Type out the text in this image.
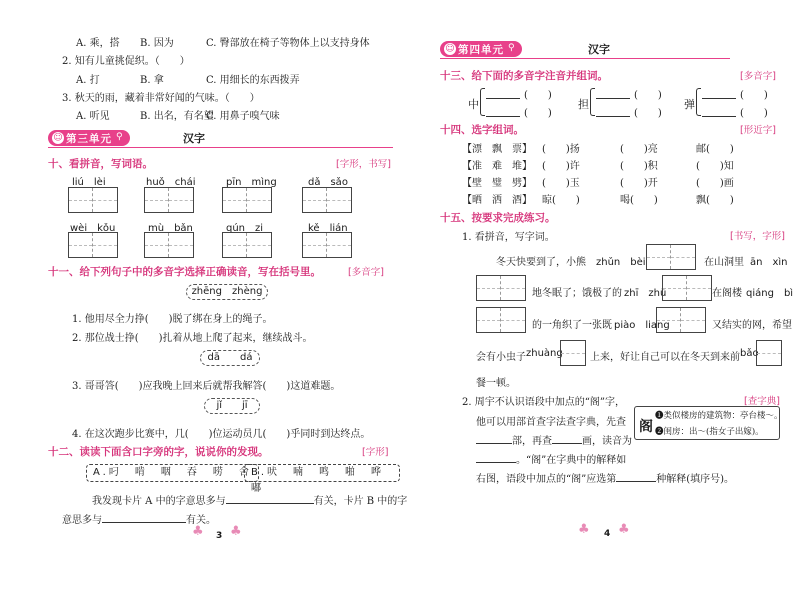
A. 乘，搭 B. 因为	C. 臀部放在椅子等物体上以支持身体
2. 知有儿童挑促织。（　　）
A. 打	B. 拿	C. 用细长的东西拨弄
3. 秋天的雨，藏着非常好闻的气味。（　　）
A. 听见	B. 出名，有名望
C. 用鼻子嗅气味
☺ 第三单元 ⚲	汉字
十、看拼音，写词语。	[字形，书写]
liú　lèi	huǒ　chái	pīn　mìng	dǎ　sǎo
wèi　kǒu	mù　bǎn	qún　zi	kě　lián
十一、给下列句子中的多音字选择正确读音，写在括号里。	[多音字]
zhēng　zhèng
1. 他用尽全力挣(　　)脱了绑在身上的绳子。
2. 那位战士挣(　　)扎着从地上爬了起来，继续战斗。
dā　　dá
3. 哥哥答(　　)应我晚上回来后就帮我解答(　　)这道难题。
jǐ　　jī
4. 在这次跑步比赛中，几(　　)位运动员几(　　)乎同时到达终点。
十二、读读下面含口字旁的字，说说你的发现。	[字形]
A.叼　啃　咽　吞　唠　舍 B.吠　喃　鸣　啪　哗　嘟
我发现卡片 A 中的字意思多与	有关，卡片 B 中的字
意思多与	有关。
♣ 3 ♣
☺ 第四单元 ⚲	汉字
十三、给下面的多音字注音并组词。	[多音字]
中
(　　)
(　　)
担
(　　)
(　　)
弹
(　　)
(　　)
十四、选字组词。	[形近字]
【漂　飘　票】 (　　)扬	(　　)亮	邮(　　)
【准　难　堆】 (　　)许	(　　)积	(　　)知
【壁　璧　劈】 (　　)玉	(　　)开	(　　)画
【晒　洒　酒】 晾(　　)	喝(　　)	飘(　　)
十五、按要求完成练习。
[书写，字形]
1. 看拼音，写字词。
冬天快要到了，小熊 zhǔn　bèi	在山洞里 ān　xìn
地冬眠了；饿极了的 zhī　zhū	在阁楼 qiáng　bì
的一角织了一张既 piào　liang	又结实的网，希望
会有小虫子 zhuàng	上来，好让自己可以在冬天到来前 bǎo
餐一顿。
2. 周宇不认识语段中加点的“阁”字，	[查字典]
他可以用部首查字法查字典，先查
部，再查	画，读音为
。“阁”在字典中的解释如
右图，语段中加点的“阁”应选第	种解释(填序号)。
阁
❶类似楼房的建筑物：亭台楼～。
❷闺房：出～(指女子出嫁)。
♣ 4 ♣
